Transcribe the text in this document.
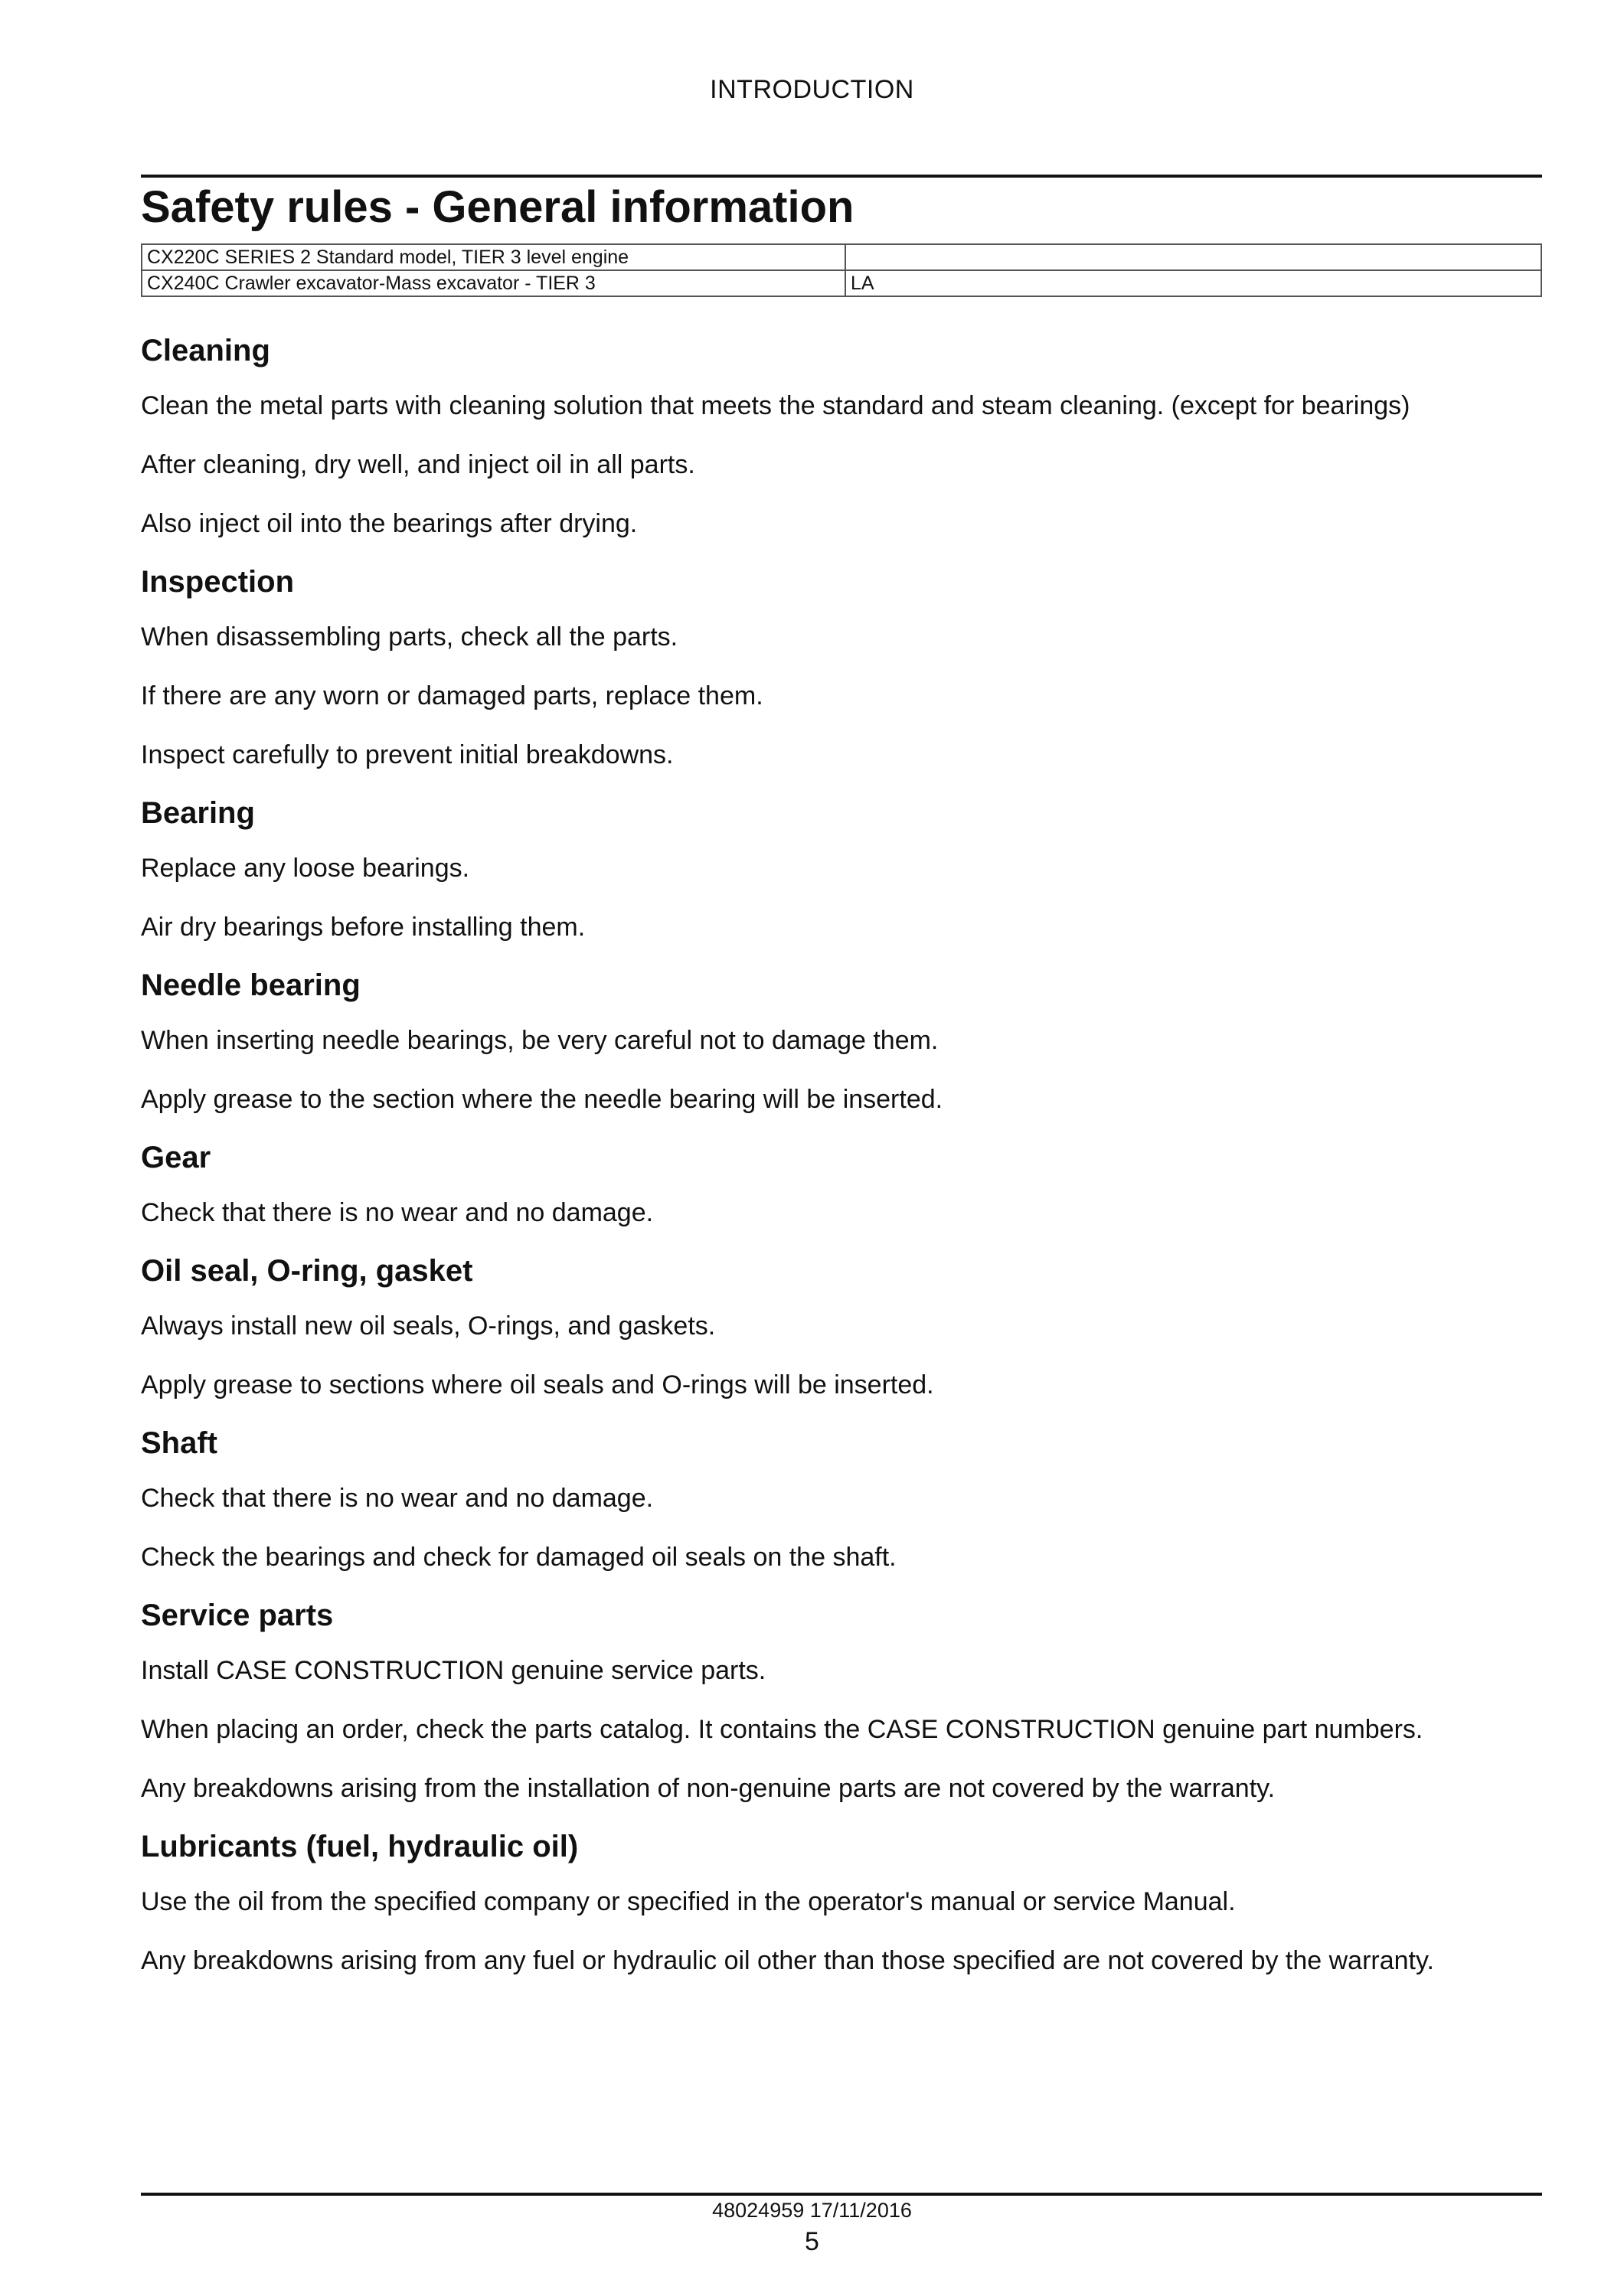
INTRODUCTION
Safety rules - General information
CX220C SERIES 2 Standard model, TIER 3 level engine	
CX240C Crawler excavator-Mass excavator - TIER 3	LA
Cleaning

Clean the metal parts with cleaning solution that meets the standard and steam cleaning. (except for bearings)

After cleaning, dry well, and inject oil in all parts.

Also inject oil into the bearings after drying.

Inspection

When disassembling parts, check all the parts.

If there are any worn or damaged parts, replace them.

Inspect carefully to prevent initial breakdowns.

Bearing

Replace any loose bearings.

Air dry bearings before installing them.

Needle bearing

When inserting needle bearings, be very careful not to damage them.

Apply grease to the section where the needle bearing will be inserted.

Gear

Check that there is no wear and no damage.

Oil seal, O-ring, gasket

Always install new oil seals, O-rings, and gaskets.

Apply grease to sections where oil seals and O-rings will be inserted.

Shaft

Check that there is no wear and no damage.

Check the bearings and check for damaged oil seals on the shaft.

Service parts

Install CASE CONSTRUCTION genuine service parts.

When placing an order, check the parts catalog. It contains the CASE CONSTRUCTION genuine part numbers.

Any breakdowns arising from the installation of non-genuine parts are not covered by the warranty.

Lubricants (fuel, hydraulic oil)

Use the oil from the specified company or specified in the operator's manual or service Manual.

Any breakdowns arising from any fuel or hydraulic oil other than those specified are not covered by the warranty.

48024959 17/11/2016
5
